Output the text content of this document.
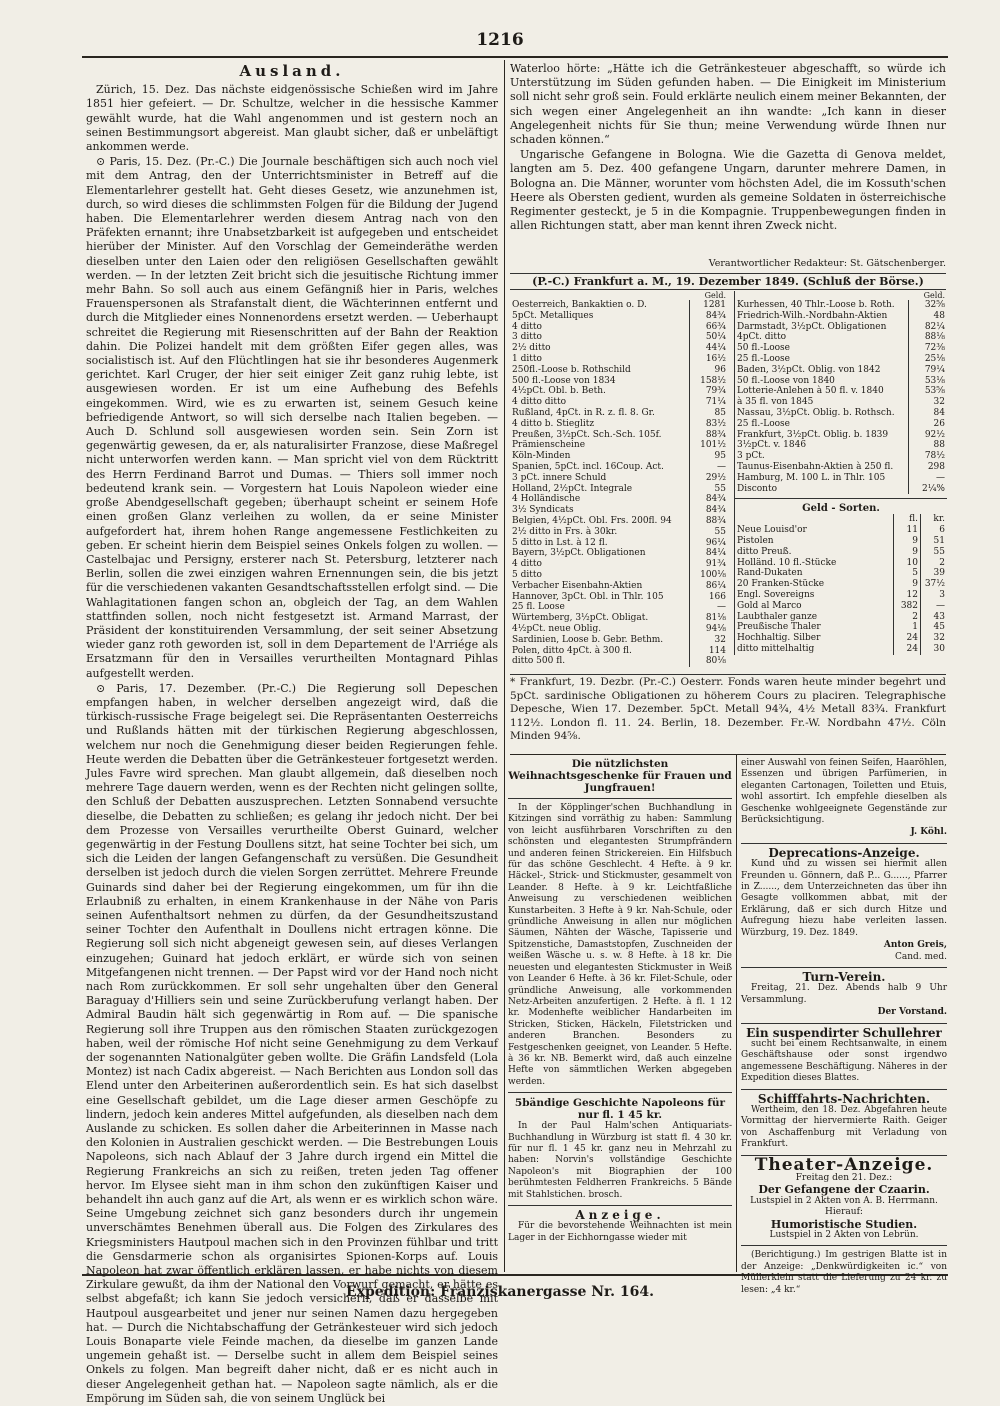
1216
Ausland.

Zürich, 15. Dez. Das nächste eidgenössische Schießen wird im Jahre 1851 hier gefeiert. — Dr. Schultze, welcher in die hessische Kammer gewählt wurde, hat die Wahl angenommen und ist gestern noch an seinen Bestimmungsort abgereist. Man glaubt sicher, daß er unbeläftigt ankommen werde.

⊙ Paris, 15. Dez. (Pr.-C.) Die Journale beschäftigen sich auch noch viel mit dem Antrag, den der Unterrichtsminister in Betreff auf die Elementarlehrer gestellt hat. Geht dieses Gesetz, wie anzunehmen ist, durch, so wird dieses die schlimmsten Folgen für die Bildung der Jugend haben. Die Elementarlehrer werden diesem Antrag nach von den Präfekten ernannt; ihre Unabsetzbarkeit ist aufgegeben und entscheidet hierüber der Minister. Auf den Vorschlag der Gemeinderäthe werden dieselben unter den Laien oder den religiösen Gesellschaften gewählt werden. — In der letzten Zeit bricht sich die jesuitische Richtung immer mehr Bahn. So soll auch aus einem Gefängniß hier in Paris, welches Frauenspersonen als Strafanstalt dient, die Wächterinnen entfernt und durch die Mitglieder eines Nonnenordens ersetzt werden. — Ueberhaupt schreitet die Regierung mit Riesenschritten auf der Bahn der Reaktion dahin. Die Polizei handelt mit dem größten Eifer gegen alles, was socialistisch ist. Auf den Flüchtlingen hat sie ihr besonderes Augenmerk gerichtet. Karl Cruger, der hier seit einiger Zeit ganz ruhig lebte, ist ausgewiesen worden. Er ist um eine Aufhebung des Befehls eingekommen. Wird, wie es zu erwarten ist, seinem Gesuch keine befriedigende Antwort, so will sich derselbe nach Italien begeben. — Auch D. Schlund soll ausgewiesen worden sein. Sein Zorn ist gegenwärtig gewesen, da er, als naturalisirter Franzose, diese Maßregel nicht unterworfen werden kann. — Man spricht viel von dem Rücktritt des Herrn Ferdinand Barrot und Dumas. — Thiers soll immer noch bedeutend krank sein. — Vorgestern hat Louis Napoleon wieder eine große Abendgesellschaft gegeben; überhaupt scheint er seinem Hofe einen großen Glanz verleihen zu wollen, da er seine Minister aufgefordert hat, ihrem hohen Range angemessene Festlichkeiten zu geben. Er scheint hierin dem Beispiel seines Onkels folgen zu wollen. — Castelbajac und Persigny, ersterer nach St. Petersburg, letzterer nach Berlin, sollen die zwei einzigen wahren Ernennungen sein, die bis jetzt für die verschiedenen vakanten Gesandtschaftsstellen erfolgt sind. — Die Wahlagitationen fangen schon an, obgleich der Tag, an dem Wahlen stattfinden sollen, noch nicht festgesetzt ist. Armand Marrast, der Präsident der konstituirenden Versammlung, der seit seiner Absetzung wieder ganz roth geworden ist, soll in dem Departement de l'Arriége als Ersatzmann für den in Versailles verurtheilten Montagnard Pihlas aufgestellt werden.

⊙ Paris, 17. Dezember. (Pr.-C.) Die Regierung soll Depeschen empfangen haben, in welcher derselben angezeigt wird, daß die türkisch-russische Frage beigelegt sei. Die Repräsentanten Oesterreichs und Rußlands hätten mit der türkischen Regierung abgeschlossen, welchem nur noch die Genehmigung dieser beiden Regierungen fehle. Heute werden die Debatten über die Getränkesteuer fortgesetzt werden. Jules Favre wird sprechen. Man glaubt allgemein, daß dieselben noch mehrere Tage dauern werden, wenn es der Rechten nicht gelingen sollte, den Schluß der Debatten auszusprechen. Letzten Sonnabend versuchte dieselbe, die Debatten zu schließen; es gelang ihr jedoch nicht. Der bei dem Prozesse von Versailles verurtheilte Oberst Guinard, welcher gegenwärtig in der Festung Doullens sitzt, hat seine Tochter bei sich, um sich die Leiden der langen Gefangenschaft zu versüßen. Die Gesundheit derselben ist jedoch durch die vielen Sorgen zerrüttet. Mehrere Freunde Guinards sind daher bei der Regierung eingekommen, um für ihn die Erlaubniß zu erhalten, in einem Krankenhause in der Nähe von Paris seinen Aufenthaltsort nehmen zu dürfen, da der Gesundheitszustand seiner Tochter den Aufenthalt in Doullens nicht ertragen könne. Die Regierung soll sich nicht abgeneigt gewesen sein, auf dieses Verlangen einzugehen; Guinard hat jedoch erklärt, er würde sich von seinen Mitgefangenen nicht trennen. — Der Papst wird vor der Hand noch nicht nach Rom zurückkommen. Er soll sehr ungehalten über den General Baraguay d'Hilliers sein und seine Zurückberufung verlangt haben. Der Admiral Baudin hält sich gegenwärtig in Rom auf. — Die spanische Regierung soll ihre Truppen aus den römischen Staaten zurückgezogen haben, weil der römische Hof nicht seine Genehmigung zu dem Verkauf der sogenannten Nationalgüter geben wollte. Die Gräfin Landsfeld (Lola Montez) ist nach Cadix abgereist. — Nach Berichten aus London soll das Elend unter den Arbeiterinen außerordentlich sein. Es hat sich daselbst eine Gesellschaft gebildet, um die Lage dieser armen Geschöpfe zu lindern, jedoch kein anderes Mittel aufgefunden, als dieselben nach dem Auslande zu schicken. Es sollen daher die Arbeiterinnen in Masse nach den Kolonien in Australien geschickt werden. — Die Bestrebungen Louis Napoleons, sich nach Ablauf der 3 Jahre durch irgend ein Mittel die Regierung Frankreichs an sich zu reißen, treten jeden Tag offener hervor. Im Elysee sieht man in ihm schon den zukünftigen Kaiser und behandelt ihn auch ganz auf die Art, als wenn er es wirklich schon wäre. Seine Umgebung zeichnet sich ganz besonders durch ihr ungemein unverschämtes Benehmen überall aus. Die Folgen des Zirkulares des Kriegsministers Hautpoul machen sich in den Provinzen fühlbar und tritt die Gensdarmerie schon als organisirtes Spionen-Korps auf. Louis Napoleon hat zwar öffentlich erklären lassen, er habe nichts von diesem Zirkulare gewußt, da ihm der National den Vorwurf gemacht, er hätte es selbst abgefaßt; ich kann Sie jedoch versichern, daß er dasselbe mit Hautpoul ausgearbeitet und jener nur seinen Namen dazu hergegeben hat. — Durch die Nichtabschaffung der Getränkesteuer wird sich jedoch Louis Bonaparte viele Feinde machen, da dieselbe im ganzen Lande ungemein gehaßt ist. — Derselbe sucht in allem dem Beispiel seines Onkels zu folgen. Man begreift daher nicht, daß er es nicht auch in dieser Angelegenheit gethan hat. — Napoleon sagte nämlich, als er die Empörung im Süden sah, die von seinem Unglück bei

Waterloo hörte: „Hätte ich die Getränkesteuer abgeschafft, so würde ich Unterstützung im Süden gefunden haben. — Die Einigkeit im Ministerium soll nicht sehr groß sein. Fould erklärte neulich einem meiner Bekannten, der sich wegen einer Angelegenheit an ihn wandte: „Ich kann in dieser Angelegenheit nichts für Sie thun; meine Verwendung würde Ihnen nur schaden können.“

Ungarische Gefangene in Bologna. Wie die Gazetta di Genova meldet, langten am 5. Dez. 400 gefangene Ungarn, darunter mehrere Damen, in Bologna an. Die Männer, worunter vom höchsten Adel, die im Kossuth'schen Heere als Obersten gedient, wurden als gemeine Soldaten in österreichische Regimenter gesteckt, je 5 in die Kompagnie. Truppenbewegungen finden in allen Richtungen statt, aber man kennt ihren Zweck nicht.

Verantwortlicher Redakteur: St. Gätschenberger.
(P.-C.) Frankfurt a. M., 19. Dezember 1849. (Schluß der Börse.)
Geld.
Oesterreich, Bankaktien o. D.	1281
5pCt. Metalliques	84¾
4 ditto	66¾
3 ditto	50¼
2½ ditto	44¼
1 ditto	16½
250fl.-Loose b. Rothschild	96
500 fl.-Loose von 1834	158½
4½pCt. Obl. b. Beth.	79¾
4 ditto ditto	71¼
Rußland, 4pCt. in R. z. fl. 8. Gr.	85
4 ditto b. Stieglitz	83½
Preußen, 3½pCt. Sch.-Sch. 105f.	88¾
Prämienscheine	101½
Köln-Minden	95
Spanien, 5pCt. incl. 16Coup. Act.	—
3 pCt. innere Schuld	29½
Holland, 2½pCt. Integrale	55
4 Holländische	84¾
3½ Syndicats	84¾
Belgien, 4½pCt. Obl. Frs. 200fl. 94	88¾
2½ ditto in Frs. à 30kr.	55
5 ditto in Lst. à 12 fl.	96¼
Bayern, 3½pCt. Obligationen	84¼
4 ditto	91¾
5 ditto	100⅛
Verbacher Eisenbahn-Aktien	86¼
Hannover, 3pCt. Obl. in Thlr. 105	166
25 fl. Loose	—
Würtemberg, 3½pCt. Obligat.	81⅛
4½pCt. neue Oblig.	94⅛
Sardinien, Loose b. Gebr. Bethm.	32
Polen, ditto 4pCt. à 300 fl.	114
ditto 500 fl.	80⅛
Geld.
Kurhessen, 40 Thlr.-Loose b. Roth.	32⅝
Friedrich-Wilh.-Nordbahn-Aktien	48
Darmstadt, 3½pCt. Obligationen	82¼
4pCt. ditto	88⅛
50 fl.-Loose	72⅜
25 fl.-Loose	25⅛
Baden, 3½pCt. Oblig. von 1842	79¼
50 fl.-Loose von 1840	53⅛
Lotterie-Anlehen à 50 fl. v. 1840	53⅝
à 35 fl. von 1845	32
Nassau, 3½pCt. Oblig. b. Rothsch.	84
25 fl.-Loose	26
Frankfurt, 3½pCt. Oblig. b. 1839	92½
3½pCt. v. 1846	88
3 pCt.	78½
Taunus-Eisenbahn-Aktien à 250 fl.	298
Hamburg, M. 100 L. in Thlr. 105	—
Disconto	2¼%
Geld - Sorten.
	fl.	kr.
Neue Louisd'or	11	6
Pistolen	9	51
ditto Preuß.	9	55
Holländ. 10 fl.-Stücke	10	2
Rand-Dukaten	5	39
20 Franken-Stücke	9	37½
Engl. Sovereigns	12	3
Gold al Marco	382	—
Laubthaler ganze	2	43
Preußische Thaler	1	45
Hochhaltig. Silber	24	32
ditto mittelhaltig	24	30

* Frankfurt, 19. Dezbr. (Pr.-C.) Oesterr. Fonds waren heute minder begehrt und 5pCt. sardinische Obligationen zu höherem Cours zu placiren. Telegraphische Depesche, Wien 17. Dezember. 5pCt. Metall 94¾, 4½ Metall 83¾. Frankfurt 112½. London fl. 11. 24. Berlin, 18. Dezember. Fr.-W. Nordbahn 47½. Cöln Minden 94⅝.

Die nützlichsten Weihnachtsgeschenke für Frauen und Jungfrauen!

In der Köpplinger'schen Buchhandlung in Kitzingen sind vorräthig zu haben: Sammlung von leicht ausführbaren Vorschriften zu den schönsten und elegantesten Strumpfrändern und anderen feinen Strickereien. Ein Hilfsbuch für das schöne Geschlecht. 4 Hefte. à 9 kr. Häckel-, Strick- und Stickmuster, gesammelt von Leander. 8 Hefte. à 9 kr. Leichtfaßliche Anweisung zu verschiedenen weiblichen Kunstarbeiten. 3 Hefte à 9 kr. Nah-Schule, oder gründliche Anweisung in allen nur möglichen Säumen, Nähten der Wäsche, Tapisserie und Spitzenstiche, Damaststopfen, Zuschneiden der weißen Wäsche u. s. w. 8 Hefte. à 18 kr. Die neuesten und elegantesten Stickmuster in Weiß von Leander 6 Hefte. à 36 kr. Filet-Schule, oder gründliche Anweisung, alle vorkommenden Netz-Arbeiten anzufertigen. 2 Hefte. à fl. 1 12 kr. Modenhefte weiblicher Handarbeiten im Stricken, Sticken, Häckeln, Filetstricken und anderen Branchen. Besonders zu Festgeschenken geeignet, von Leander. 5 Hefte. à 36 kr. NB. Bemerkt wird, daß auch einzelne Hefte von sämmtlichen Werken abgegeben werden.

5bändige Geschichte Napoleons für nur fl. 1 45 kr.

In der Paul Halm'schen Antiquariats-Buchhandlung in Würzburg ist statt fl. 4 30 kr. für nur fl. 1 45 kr. ganz neu in Mehrzahl zu haben: Norvin's vollständige Geschichte Napoleon's mit Biographien der 100 berühmtesten Feldherren Frankreichs. 5 Bände mit Stahlstichen. brosch.

Anzeige.

Für die bevorstehende Weihnachten ist mein Lager in der Eichhorngasse wieder mit

einer Auswahl von feinen Seifen, Haaröhlen, Essenzen und übrigen Parfümerien, in eleganten Cartonagen, Toiletten und Etuis, wohl assortirt. Ich empfehle dieselben als Geschenke wohlgeeignete Gegenstände zur Berücksichtigung.

J. Köhl.
Deprecations-Anzeige.

Kund und zu wissen sei hiermit allen Freunden u. Gönnern, daß P... G......, Pfarrer in Z......, dem Unterzeichneten das über ihn Gesagte vollkommen abbat, mit der Erklärung, daß er sich durch Hitze und Aufregung hiezu habe verleiten lassen. Würzburg, 19. Dez. 1849.

Anton Greis,
Cand. med.
Turn-Verein.

Freitag, 21. Dez. Abends halb 9 Uhr Versammlung.

Der Vorstand.
Ein suspendirter Schullehrer

sucht bei einem Rechtsanwalte, in einem Geschäftshause oder sonst irgendwo angemessene Beschäftigung. Näheres in der Expedition dieses Blattes.

Schifffahrts-Nachrichten.

Wertheim, den 18. Dez. Abgefahren heute Vormittag der hiervermierte Raith. Geiger von Aschaffenburg mit Verladung von Frankfurt.

Theater-Anzeige.
Freitag den 21. Dez.:
Der Gefangene der Czaarin.
Lustspiel in 2 Akten von A. B. Herrmann.
Hierauf:
Humoristische Studien.
Lustspiel in 2 Akten von Lebrün.

(Berichtigung.) Im gestrigen Blatte ist in der Anzeige: „Denkwürdigkeiten ic.“ von Müllerklein statt die Lieferung zu 24 kr. zu lesen: „4 kr.“

Expedition: Franziskanergasse Nr. 164.
